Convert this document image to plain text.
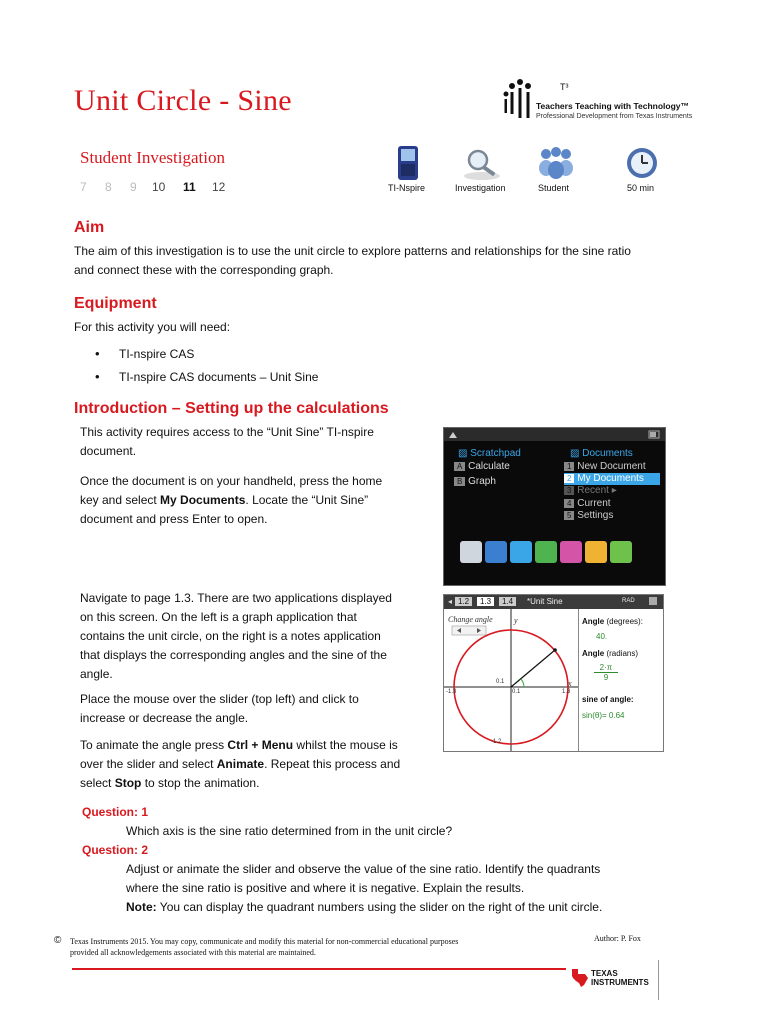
Unit Circle - Sine	T³
Teachers Teaching with Technology™
Professional Development from Texas Instruments
Student Investigation
7 8 9 10 11 12	TI-Nspire	Investigation	Student	50 min
Aim
The aim of this investigation is to use the unit circle to explore patterns and relationships for the sine ratio
and connect these with the corresponding graph.
Equipment
For this activity you will need:
• TI-nspire CAS
• TI-nspire CAS documents – Unit Sine
Introduction – Setting up the calculations
This activity requires access to the “Unit Sine” TI-nspire
document.
Once the document is on your handheld, press the home
key and select My Documents. Locate the “Unit Sine”
document and press Enter to open.
▨ Scratchpad
A Calculate
B Graph
▨ Documents
1 New Document
2 My Documents
3 Recent ▸
4 Current
5 Settings
Navigate to page 1.3. There are two applications displayed
on this screen. On the left is a graph application that
contains the unit circle, on the right is a notes application
that displays the corresponding angles and the sine of the
angle.
Place the mouse over the slider (top left) and click to
increase or decrease the angle.
To animate the angle press Ctrl + Menu whilst the mouse is
over the slider and select Animate. Repeat this process and
select Stop to stop the animation.
◂ 1.2	1.3	1.4	*Unit Sine	RAD
Change angle	y
x
-1.3	1.3
0.1
0.1
-1.2
Angle (degrees):
40.
Angle (radians)
2·π
9
sine of angle:
sin(θ)= 0.64
Question: 1
Which axis is the sine ratio determined from in the unit circle?
Question: 2
Adjust or animate the slider and observe the value of the sine ratio. Identify the quadrants
where the sine ratio is positive and where it is negative. Explain the results.
Note: You can display the quadrant numbers using the slider on the right of the unit circle.
© Texas Instruments 2015. You may copy, communicate and modify this material for non-commercial educational purposes
provided all acknowledgements associated with this material are maintained.
Author: P. Fox
TEXAS
INSTRUMENTS
